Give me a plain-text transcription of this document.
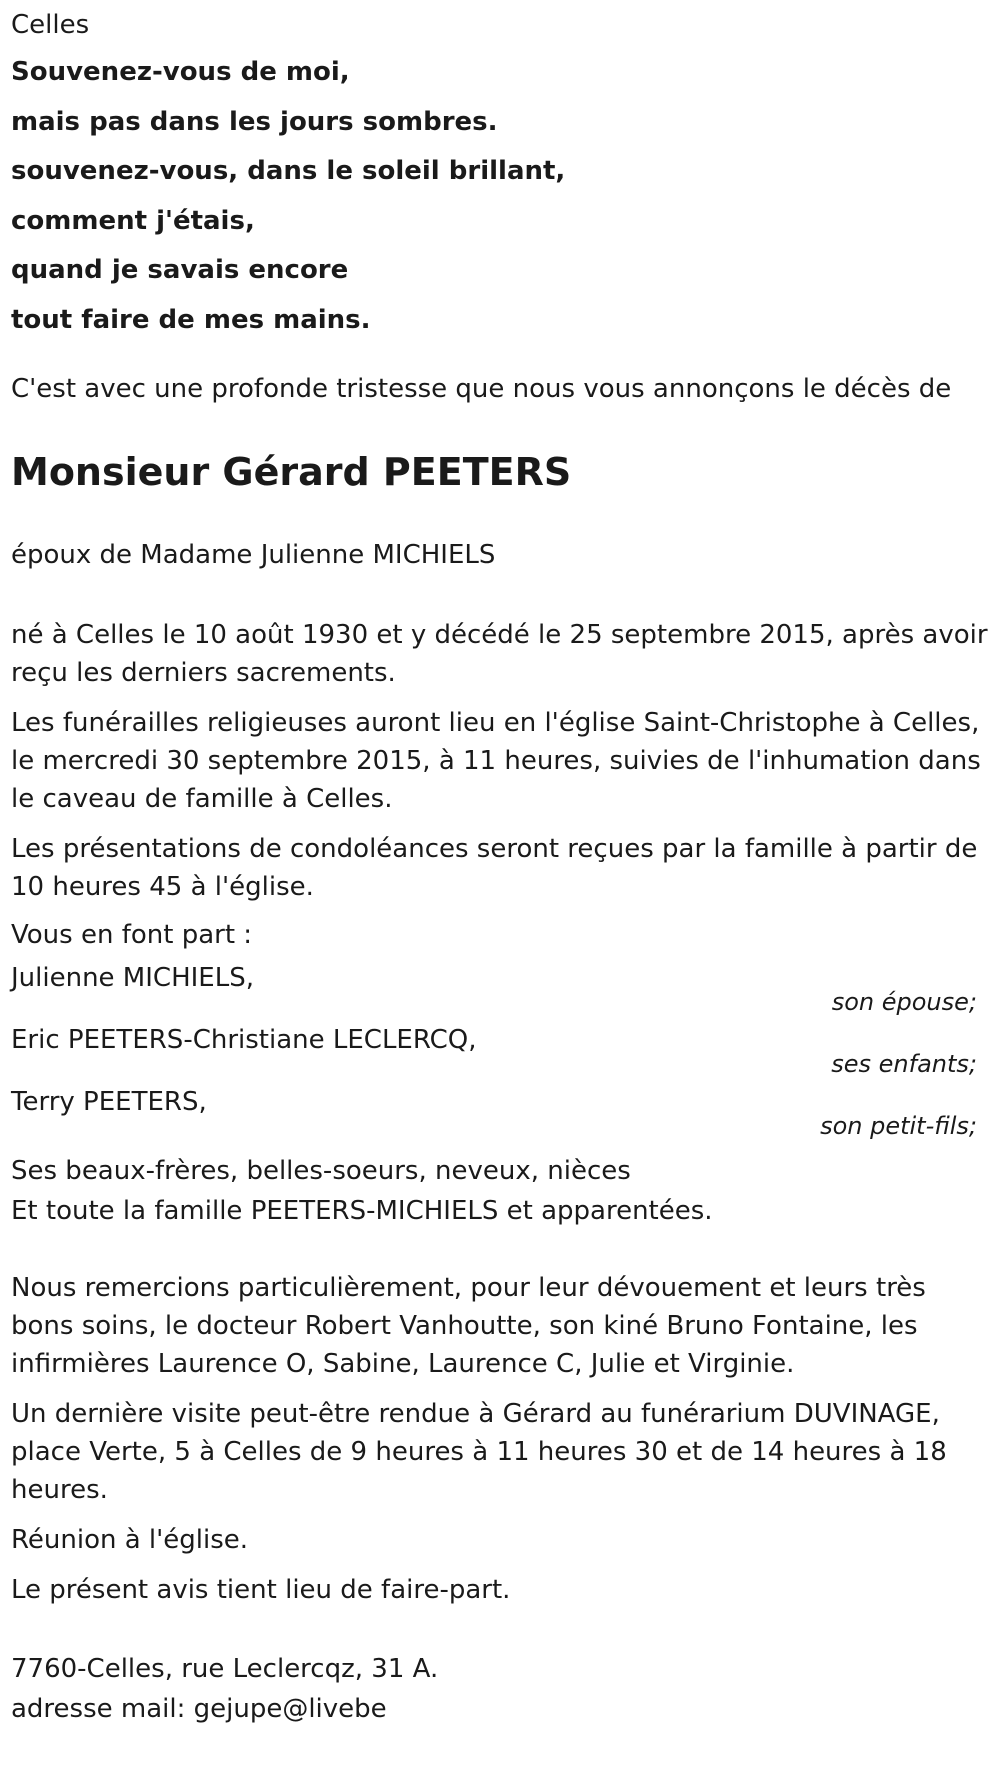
Celles

Souvenez-vous de moi,

mais pas dans les jours sombres.

souvenez-vous, dans le soleil brillant,

comment j'étais,

quand je savais encore

tout faire de mes mains.

C'est avec une profonde tristesse que nous vous annonçons le décès de
Monsieur Gérard PEETERS
époux de Madame Julienne MICHIELS

né à Celles le 10 août 1930 et y décédé le 25 septembre 2015, après avoir reçu les derniers sacrements.

Les funérailles religieuses auront lieu en l'église Saint-Christophe à Celles, le mercredi 30 septembre 2015, à 11 heures, suivies de l'inhumation dans le caveau de famille à Celles.

Les présentations de condoléances seront reçues par la famille à partir de 10 heures 45 à l'église.

Vous en font part :
Julienne MICHIELS,
son épouse;
Eric PEETERS-Christiane LECLERCQ,
ses enfants;
Terry PEETERS,
son petit-fils;

Ses beaux-frères, belles-soeurs, neveux, nièces

Et toute la famille PEETERS-MICHIELS et apparentées.

Nous remercions particulièrement, pour leur dévouement et leurs très bons soins, le docteur Robert Vanhoutte, son kiné Bruno Fontaine, les infirmières Laurence O, Sabine, Laurence C, Julie et Virginie.

Un dernière visite peut-être rendue à Gérard au funérarium DUVINAGE, place Verte, 5 à Celles de 9 heures à 11 heures 30 et de 14 heures à 18 heures.

Réunion à l'église.

Le présent avis tient lieu de faire-part.

7760-Celles, rue Leclercqz, 31 A.

adresse mail: gejupe@livebe
